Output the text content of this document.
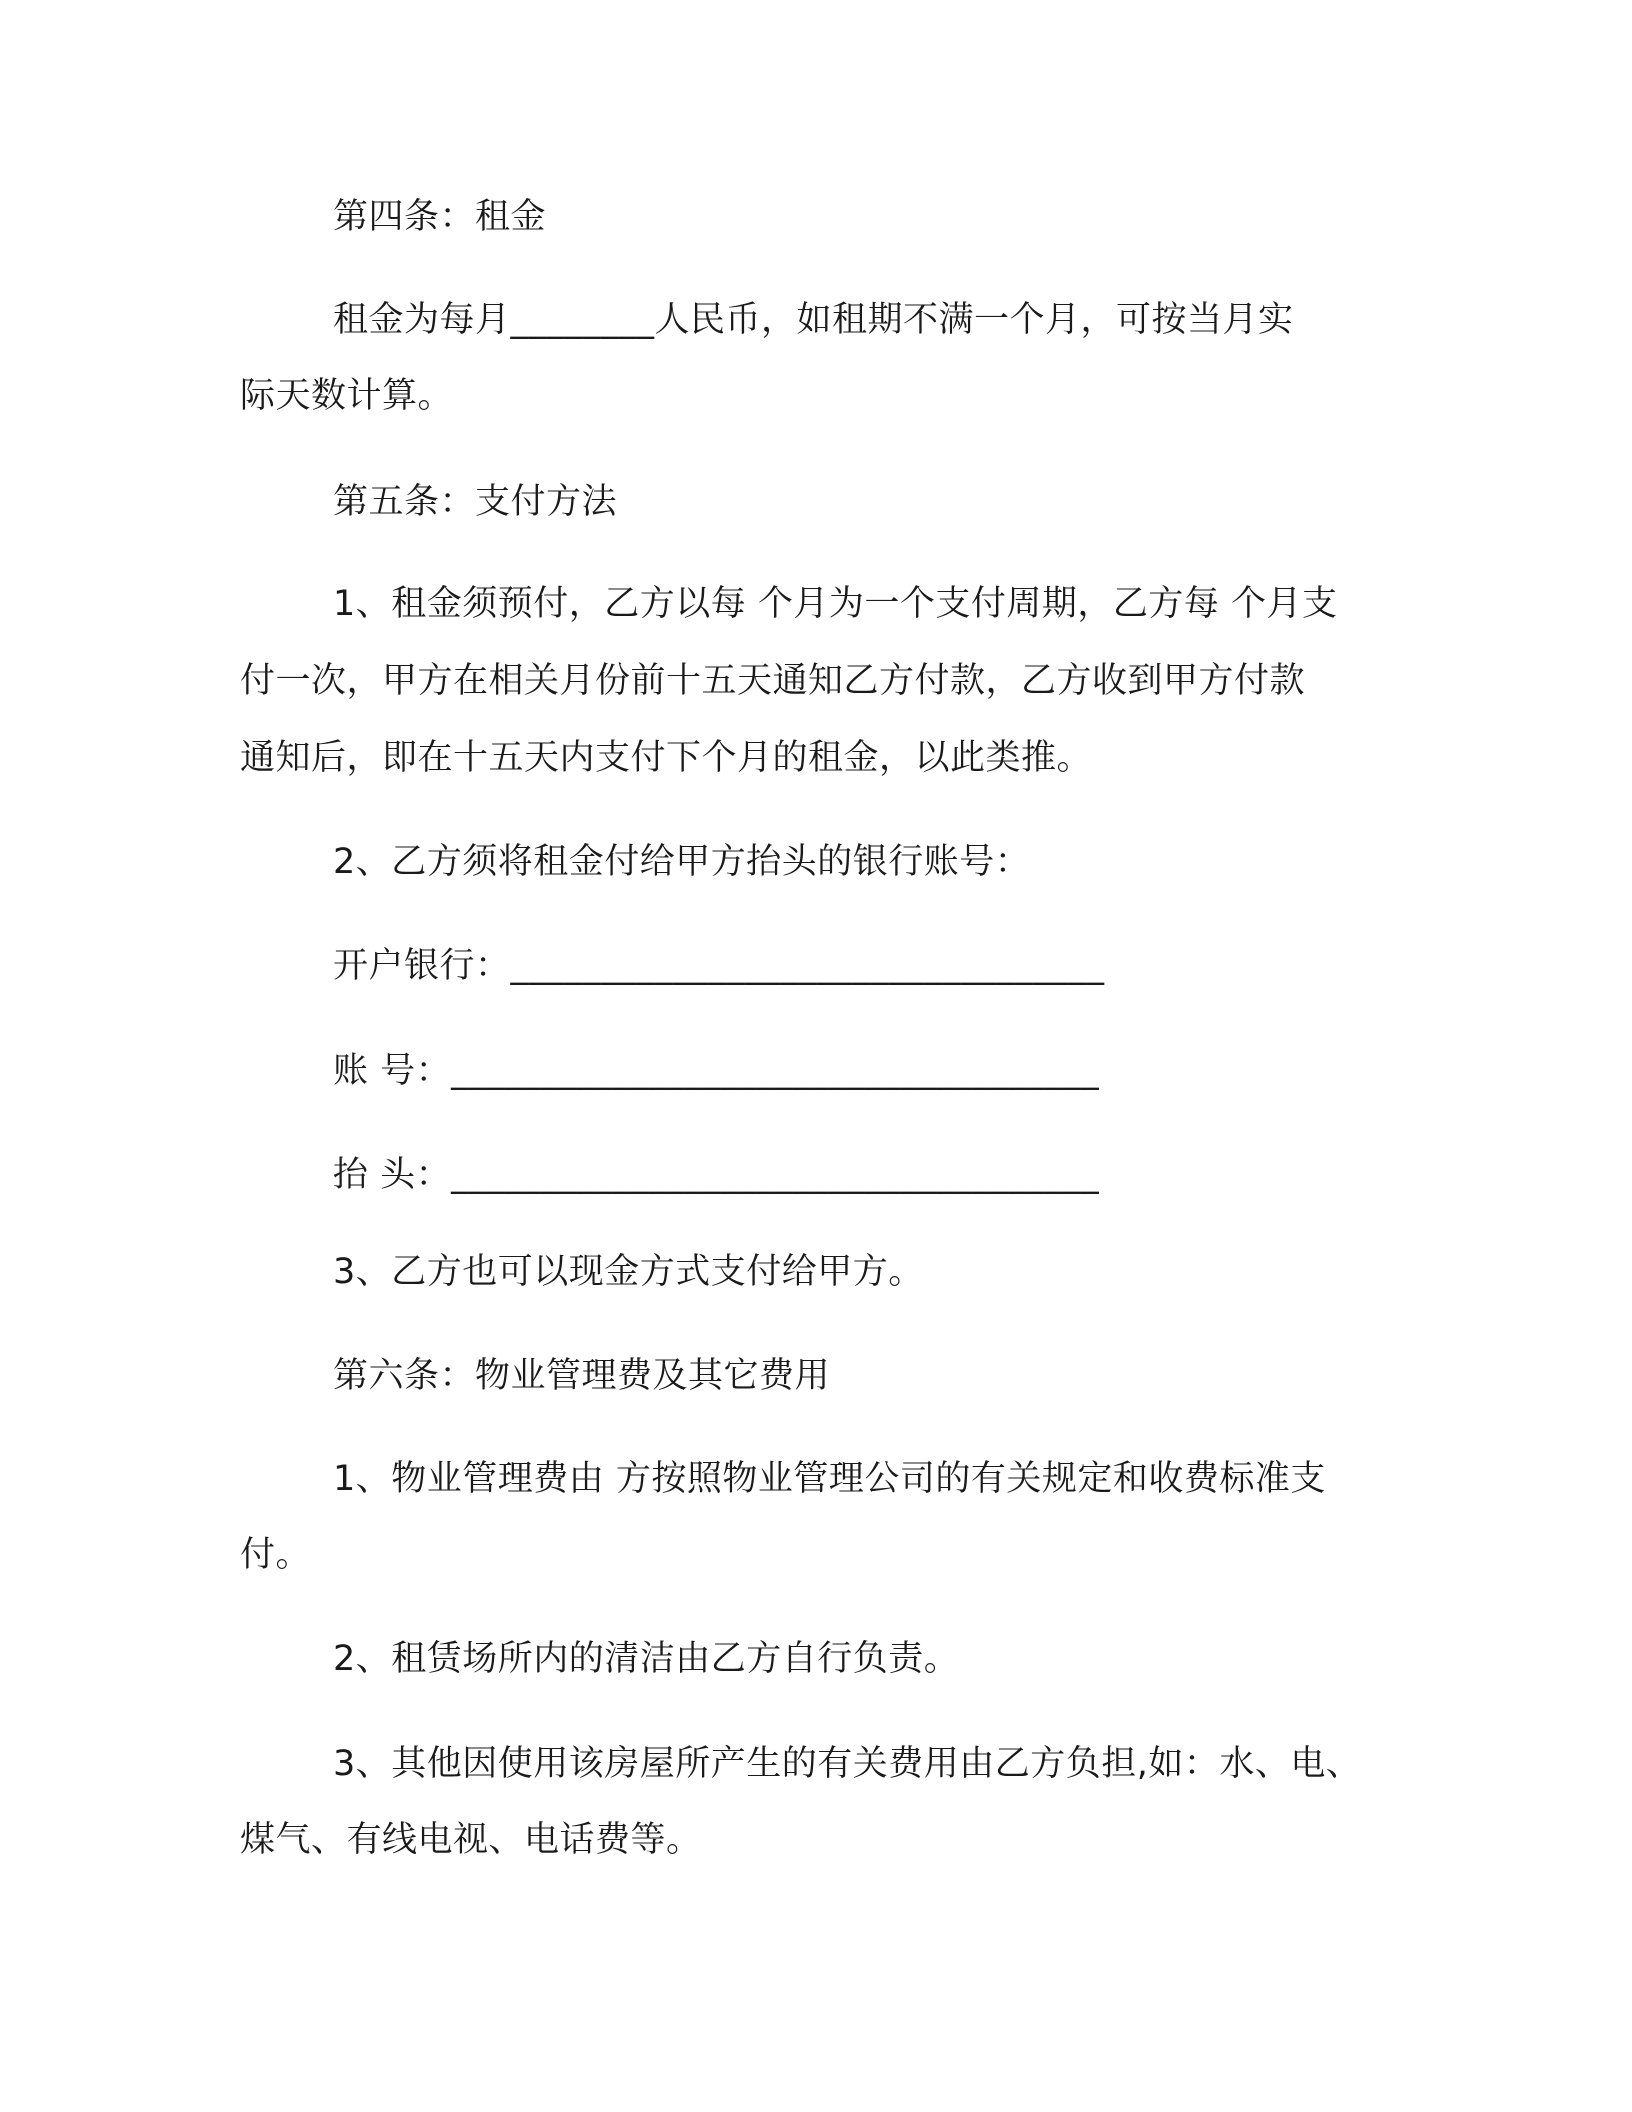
第四条：租金
租金为每月________人民币，如租期不满一个月，可按当月实
际天数计算。
第五条：支付方法
1、租金须预付，乙方以每 个月为一个支付周期，乙方每 个月支
付一次，甲方在相关月份前十五天通知乙方付款，乙方收到甲方付款
通知后，即在十五天内支付下个月的租金，以此类推。
2、乙方须将租金付给甲方抬头的银行账号：
开户银行：_________________________________
账 号：____________________________________
抬 头：____________________________________
3、乙方也可以现金方式支付给甲方。
第六条：物业管理费及其它费用
1、物业管理费由 方按照物业管理公司的有关规定和收费标准支
付。
2、租赁场所内的清洁由乙方自行负责。
3、其他因使用该房屋所产生的有关费用由乙方负担,如：水、电、
煤气、有线电视、电话费等。
